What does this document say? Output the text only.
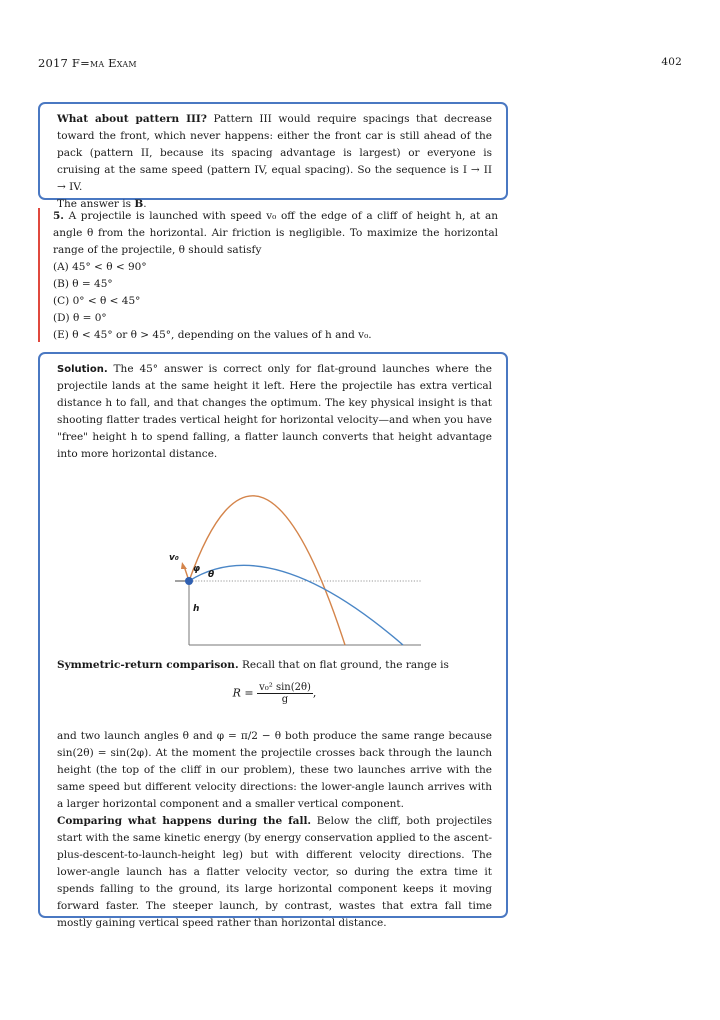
2017 F=ma Exam	402

What about pattern III? Pattern III would require spacings that decrease toward the front, which never happens: either the front car is still ahead of the pack (pattern II, because its spacing advantage is largest) or everyone is cruising at the same speed (pattern IV, equal spacing). So the sequence is I → II → IV.

The answer is B.

5. A projectile is launched with speed v₀ off the edge of a cliff of height h, at an angle θ from the horizontal. Air friction is negligible. To maximize the horizontal range of the projectile, θ should satisfy

(A) 45° < θ < 90°
(B) θ = 45°
(C) 0° < θ < 45°
(D) θ = 0°
(E) θ < 45° or θ > 45°, depending on the values of h and v₀.

Solution. The 45° answer is correct only for flat-ground launches where the projectile lands at the same height it left. Here the projectile has extra vertical distance h to fall, and that changes the optimum. The key physical insight is that shooting flatter trades vertical height for horizontal velocity—and when you have "free" height h to spend falling, a flatter launch converts that height advantage into more horizontal distance.

v₀
φ
θ
h

Symmetric-return comparison. Recall that on flat ground, the range is

$R = \frac{\text{v₀² sin(2θ)}}{g}$ ,

and two launch angles θ and φ = π/2 − θ both produce the same range because sin(2θ) = sin(2φ). At the moment the projectile crosses back through the launch height (the top of the cliff in our problem), these two launches arrive with the same speed but different velocity directions: the lower-angle launch arrives with a larger horizontal component and a smaller vertical component.

Comparing what happens during the fall. Below the cliff, both projectiles start with the same kinetic energy (by energy conservation applied to the ascent-plus-descent-to-launch-height leg) but with different velocity directions. The lower-angle launch has a flatter velocity vector, so during the extra time it spends falling to the ground, its large horizontal component keeps it moving forward faster. The steeper launch, by contrast, wastes that extra fall time mostly gaining vertical speed rather than horizontal distance.
